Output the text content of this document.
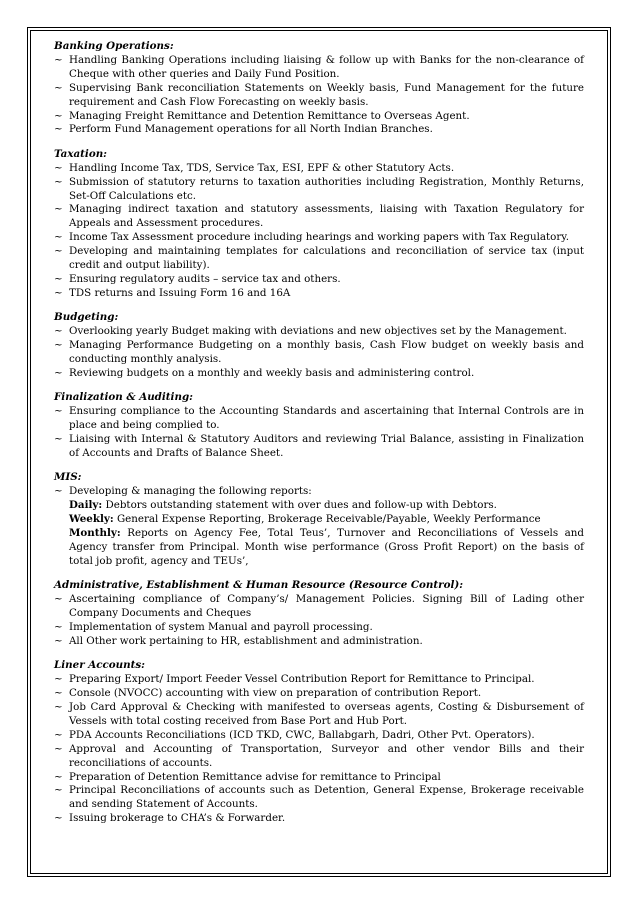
Banking Operations:

~ Handling Banking Operations including liaising & follow up with Banks for the non-clearance of Cheque with other queries and Daily Fund Position.
~ Supervising Bank reconciliation Statements on Weekly basis, Fund Management for the future requirement and Cash Flow Forecasting on weekly basis.
~ Managing Freight Remittance and Detention Remittance to Overseas Agent.
~ Perform Fund Management operations for all North Indian Branches.

Taxation:

~ Handling Income Tax, TDS, Service Tax, ESI, EPF & other Statutory Acts.
~ Submission of statutory returns to taxation authorities including Registration, Monthly Returns, Set-Off Calculations etc.
~ Managing indirect taxation and statutory assessments, liaising with Taxation Regulatory for Appeals and Assessment procedures.
~ Income Tax Assessment procedure including hearings and working papers with Tax Regulatory.
~ Developing and maintaining templates for calculations and reconciliation of service tax (input credit and output liability).
~ Ensuring regulatory audits – service tax and others.
~ TDS returns and Issuing Form 16 and 16A

Budgeting:

~ Overlooking yearly Budget making with deviations and new objectives set by the Management.
~ Managing Performance Budgeting on a monthly basis, Cash Flow budget on weekly basis and conducting monthly analysis.
~ Reviewing budgets on a monthly and weekly basis and administering control.

Finalization & Auditing:

~ Ensuring compliance to the Accounting Standards and ascertaining that Internal Controls are in place and being complied to.
~ Liaising with Internal & Statutory Auditors and reviewing Trial Balance, assisting in Finalization of Accounts and Drafts of Balance Sheet.

MIS:

~ Developing & managing the following reports:
Daily: Debtors outstanding statement with over dues and follow-up with Debtors.
Weekly: General Expense Reporting, Brokerage Receivable/Payable, Weekly Performance
Monthly: Reports on Agency Fee, Total Teus’, Turnover and Reconciliations of Vessels and Agency transfer from Principal. Month wise performance (Gross Profit Report) on the basis of total job profit, agency and TEUs’,

Administrative, Establishment & Human Resource (Resource Control):

~ Ascertaining compliance of Company’s/ Management Policies. Signing Bill of Lading other Company Documents and Cheques
~ Implementation of system Manual and payroll processing.
~ All Other work pertaining to HR, establishment and administration.

Liner Accounts:

~ Preparing Export/ Import Feeder Vessel Contribution Report for Remittance to Principal.
~ Console (NVOCC) accounting with view on preparation of contribution Report.
~ Job Card Approval & Checking with manifested to overseas agents, Costing & Disbursement of Vessels with total costing received from Base Port and Hub Port.
~ PDA Accounts Reconciliations (ICD TKD, CWC, Ballabgarh, Dadri, Other Pvt. Operators).
~ Approval and Accounting of Transportation, Surveyor and other vendor Bills and their reconciliations of accounts.
~ Preparation of Detention Remittance advise for remittance to Principal
~ Principal Reconciliations of accounts such as Detention, General Expense, Brokerage receivable and sending Statement of Accounts.
~ Issuing brokerage to CHA’s & Forwarder.
